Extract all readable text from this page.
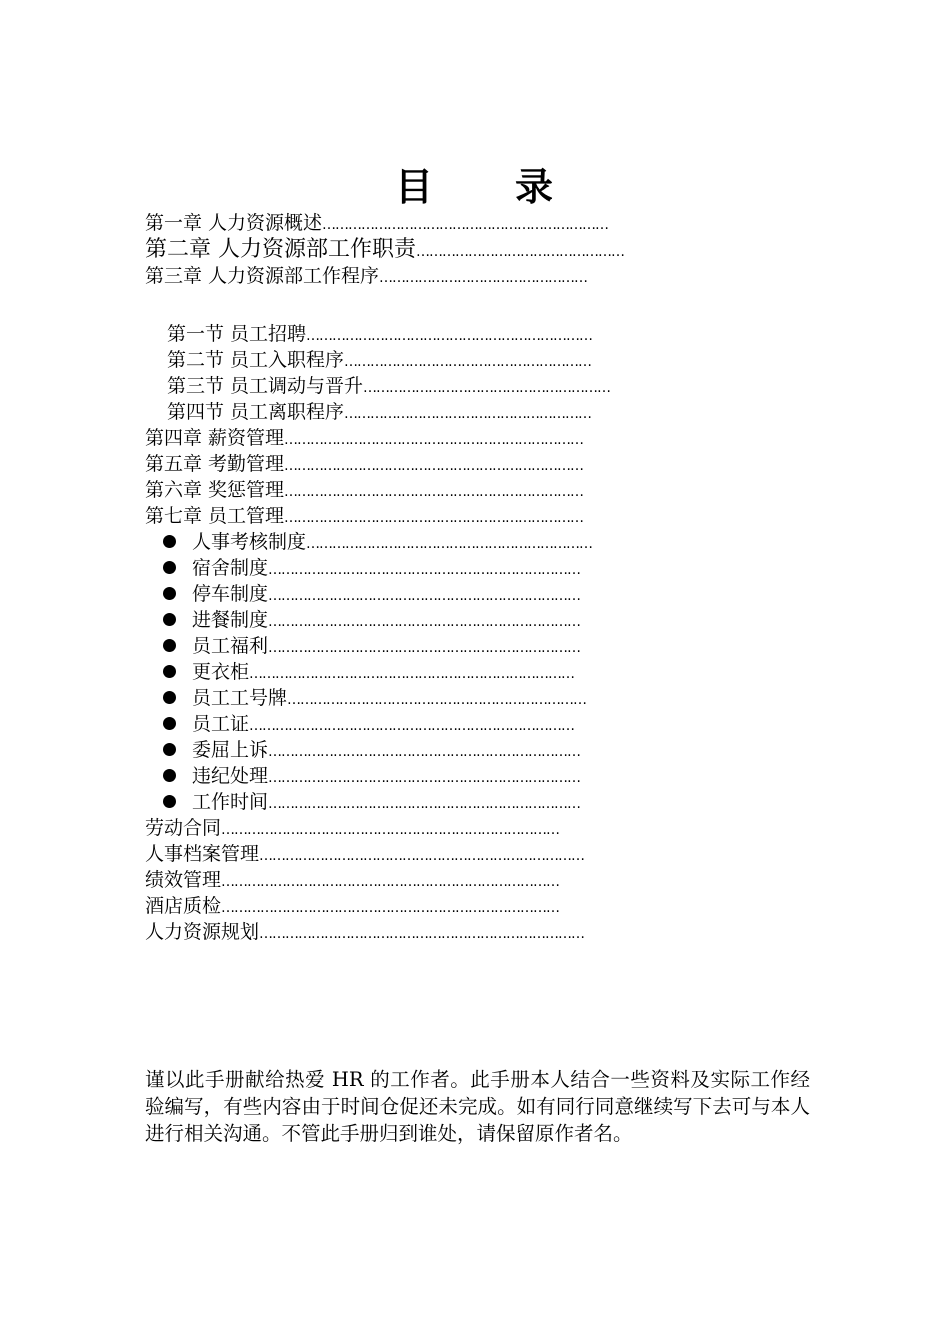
目 录
第一章 人力资源概述…………………………………………………………
第二章 人力资源部工作职责…………………………………………
第三章 人力资源部工作程序…………………………………………
第一节 员工招聘…………………………………………………………
第二节 员工入职程序…………………………………………………
第三节 员工调动与晋升…………………………………………………
第四节 员工离职程序…………………………………………………
第四章 薪资管理……………………………………………………………
第五章 考勤管理……………………………………………………………
第六章 奖惩管理……………………………………………………………
第七章 员工管理……………………………………………………………
人事考核制度…………………………………………………………
宿舍制度………………………………………………………………
停车制度………………………………………………………………
进餐制度………………………………………………………………
员工福利………………………………………………………………
更衣柜…………………………………………………………………
员工工号牌……………………………………………………………
员工证…………………………………………………………………
委屈上诉………………………………………………………………
违纪处理………………………………………………………………
工作时间………………………………………………………………
劳动合同……………………………………………………………………
人事档案管理…………………………………………………………………
绩效管理……………………………………………………………………
酒店质检……………………………………………………………………
人力资源规划…………………………………………………………………
谨以此手册献给热爱 HR 的工作者。此手册本人结合一些资料及实际工作经验编写，有些内容由于时间仓促还未完成。如有同行同意继续写下去可与本人进行相关沟通。不管此手册归到谁处，请保留原作者名。
